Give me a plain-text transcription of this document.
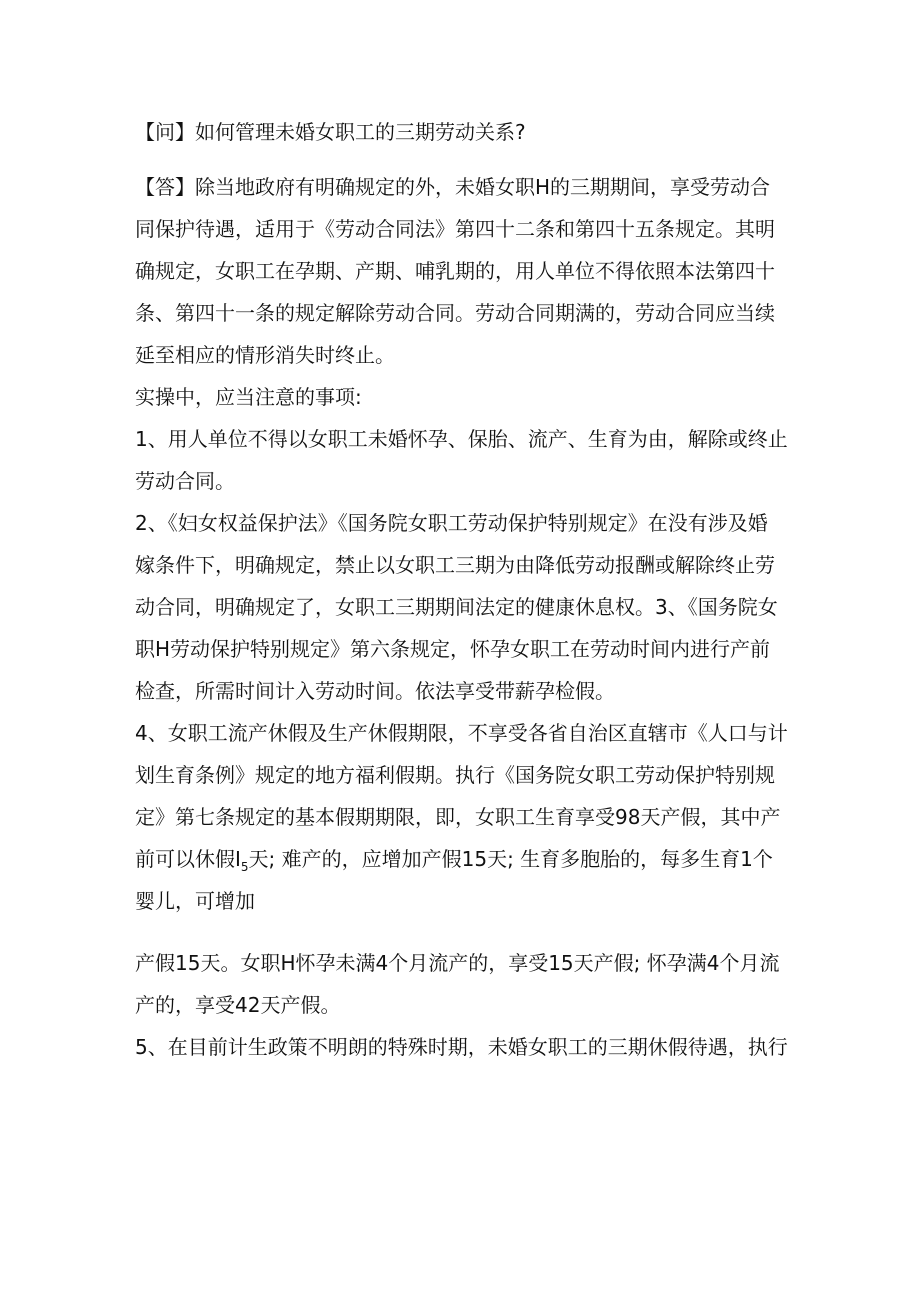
【问】如何管理未婚女职工的三期劳动关系?
【答】除当地政府有明确规定的外，未婚女职H的三期期间，享受劳动合
同保护待遇，适用于《劳动合同法》第四十二条和第四十五条规定。其明
确规定，女职工在孕期、产期、哺乳期的，用人单位不得依照本法第四十
条、第四十一条的规定解除劳动合同。劳动合同期满的，劳动合同应当续
延至相应的情形消失时终止。
实操中，应当注意的事项:
1、用人单位不得以女职工未婚怀孕、保胎、流产、生育为由，解除或终止
劳动合同。
2、《妇女权益保护法》《国务院女职工劳动保护特别规定》在没有涉及婚
嫁条件下，明确规定，禁止以女职工三期为由降低劳动报酬或解除终止劳
动合同，明确规定了，女职工三期期间法定的健康休息权。3、《国务院女
职H劳动保护特别规定》第六条规定，怀孕女职工在劳动时间内进行产前
检查，所需时间计入劳动时间。依法享受带薪孕检假。
4、女职工流产休假及生产休假期限，不享受各省自治区直辖市《人口与计
划生育条例》规定的地方福利假期。执行《国务院女职工劳动保护特别规
定》第七条规定的基本假期期限，即，女职工生育享受98天产假，其中产
前可以休假$I_5$天; 难产的，应增加产假15天; 生育多胞胎的，每多生育1个
婴儿，可增加
产假15天。女职H怀孕未满4个月流产的，享受15天产假; 怀孕满4个月流
产的，享受42天产假。
5、在目前计生政策不明朗的特殊时期，未婚女职工的三期休假待遇，执行
